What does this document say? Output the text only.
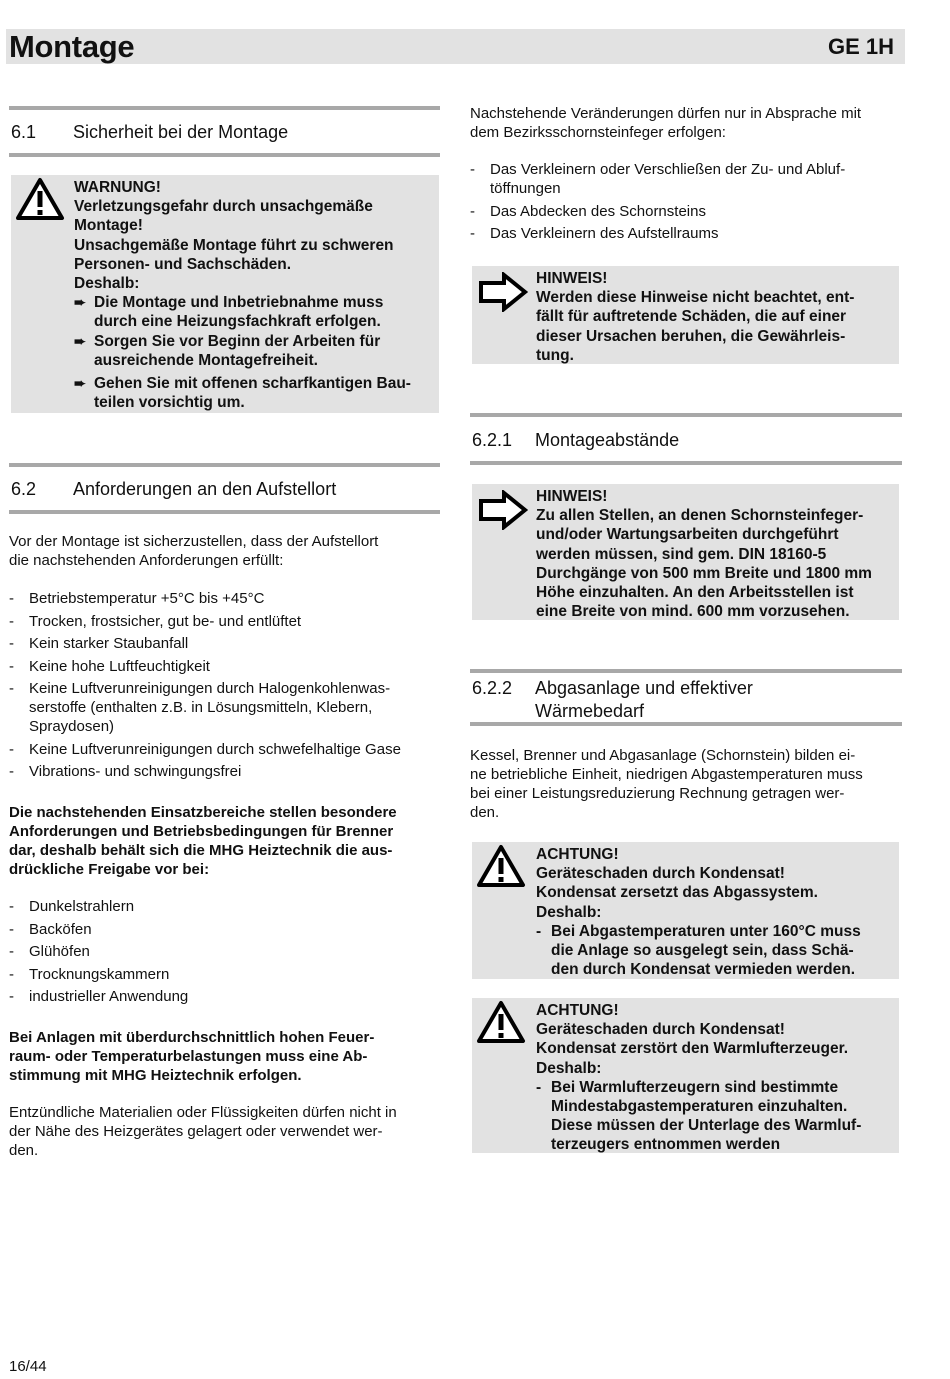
Montage	GE 1H
6.1 Sicherheit bei der Montage
WARNUNG!
Verletzungsgefahr durch unsachgemäße
Montage!
Unsachgemäße Montage führt zu schweren
Personen- und Sachschäden.
Deshalb:
➨ Die Montage und Inbetriebnahme muss
durch eine Heizungsfachkraft erfolgen.
➨ Sorgen Sie vor Beginn der Arbeiten für
ausreichende Montagefreiheit.
➨ Gehen Sie mit offenen scharfkantigen Bau-
teilen vorsichtig um.
6.2 Anforderungen an den Aufstellort
Vor der Montage ist sicherzustellen, dass der Aufstellort
die nachstehenden Anforderungen erfüllt:
- Betriebstemperatur +5°C bis +45°C
- Trocken, frostsicher, gut be- und entlüftet
- Kein starker Staubanfall
- Keine hohe Luftfeuchtigkeit
- Keine Luftverunreinigungen durch Halogenkohlenwas-
serstoffe (enthalten z.B. in Lösungsmitteln, Klebern,
Spraydosen)
- Keine Luftverunreinigungen durch schwefelhaltige Gase
- Vibrations- und schwingungsfrei
Die nachstehenden Einsatzbereiche stellen besondere
Anforderungen und Betriebsbedingungen für Brenner
dar, deshalb behält sich die MHG Heiztechnik die aus-
drückliche Freigabe vor bei:
- Dunkelstrahlern
- Backöfen
- Glühöfen
- Trocknungskammern
- industrieller Anwendung
Bei Anlagen mit überdurchschnittlich hohen Feuer-
raum- oder Temperaturbelastungen muss eine Ab-
stimmung mit MHG Heiztechnik erfolgen.
Entzündliche Materialien oder Flüssigkeiten dürfen nicht in
der Nähe des Heizgerätes gelagert oder verwendet wer-
den.
Nachstehende Veränderungen dürfen nur in Absprache mit
dem Bezirksschornsteinfeger erfolgen:
- Das Verkleinern oder Verschließen der Zu- und Abluf-
töffnungen
- Das Abdecken des Schornsteins
- Das Verkleinern des Aufstellraums
HINWEIS!
Werden diese Hinweise nicht beachtet, ent-
fällt für auftretende Schäden, die auf einer
dieser Ursachen beruhen, die Gewährleis-
tung.
6.2.1 Montageabstände
HINWEIS!
Zu allen Stellen, an denen Schornsteinfeger-
und/oder Wartungsarbeiten durchgeführt
werden müssen, sind gem. DIN 18160-5
Durchgänge von 500 mm Breite und 1800 mm
Höhe einzuhalten. An den Arbeitsstellen ist
eine Breite von mind. 600 mm vorzusehen.
6.2.2 Abgasanlage und effektiver
Wärmebedarf
Kessel, Brenner und Abgasanlage (Schornstein) bilden ei-
ne betriebliche Einheit, niedrigen Abgastemperaturen muss
bei einer Leistungsreduzierung Rechnung getragen wer-
den.
ACHTUNG!
Geräteschaden durch Kondensat!
Kondensat zersetzt das Abgassystem.
Deshalb:
- Bei Abgastemperaturen unter 160°C muss
die Anlage so ausgelegt sein, dass Schä-
den durch Kondensat vermieden werden.
ACHTUNG!
Geräteschaden durch Kondensat!
Kondensat zerstört den Warmlufterzeuger.
Deshalb:
- Bei Warmlufterzeugern sind bestimmte
Mindestabgastemperaturen einzuhalten.
Diese müssen der Unterlage des Warmluf-
terzeugers entnommen werden
16/44
